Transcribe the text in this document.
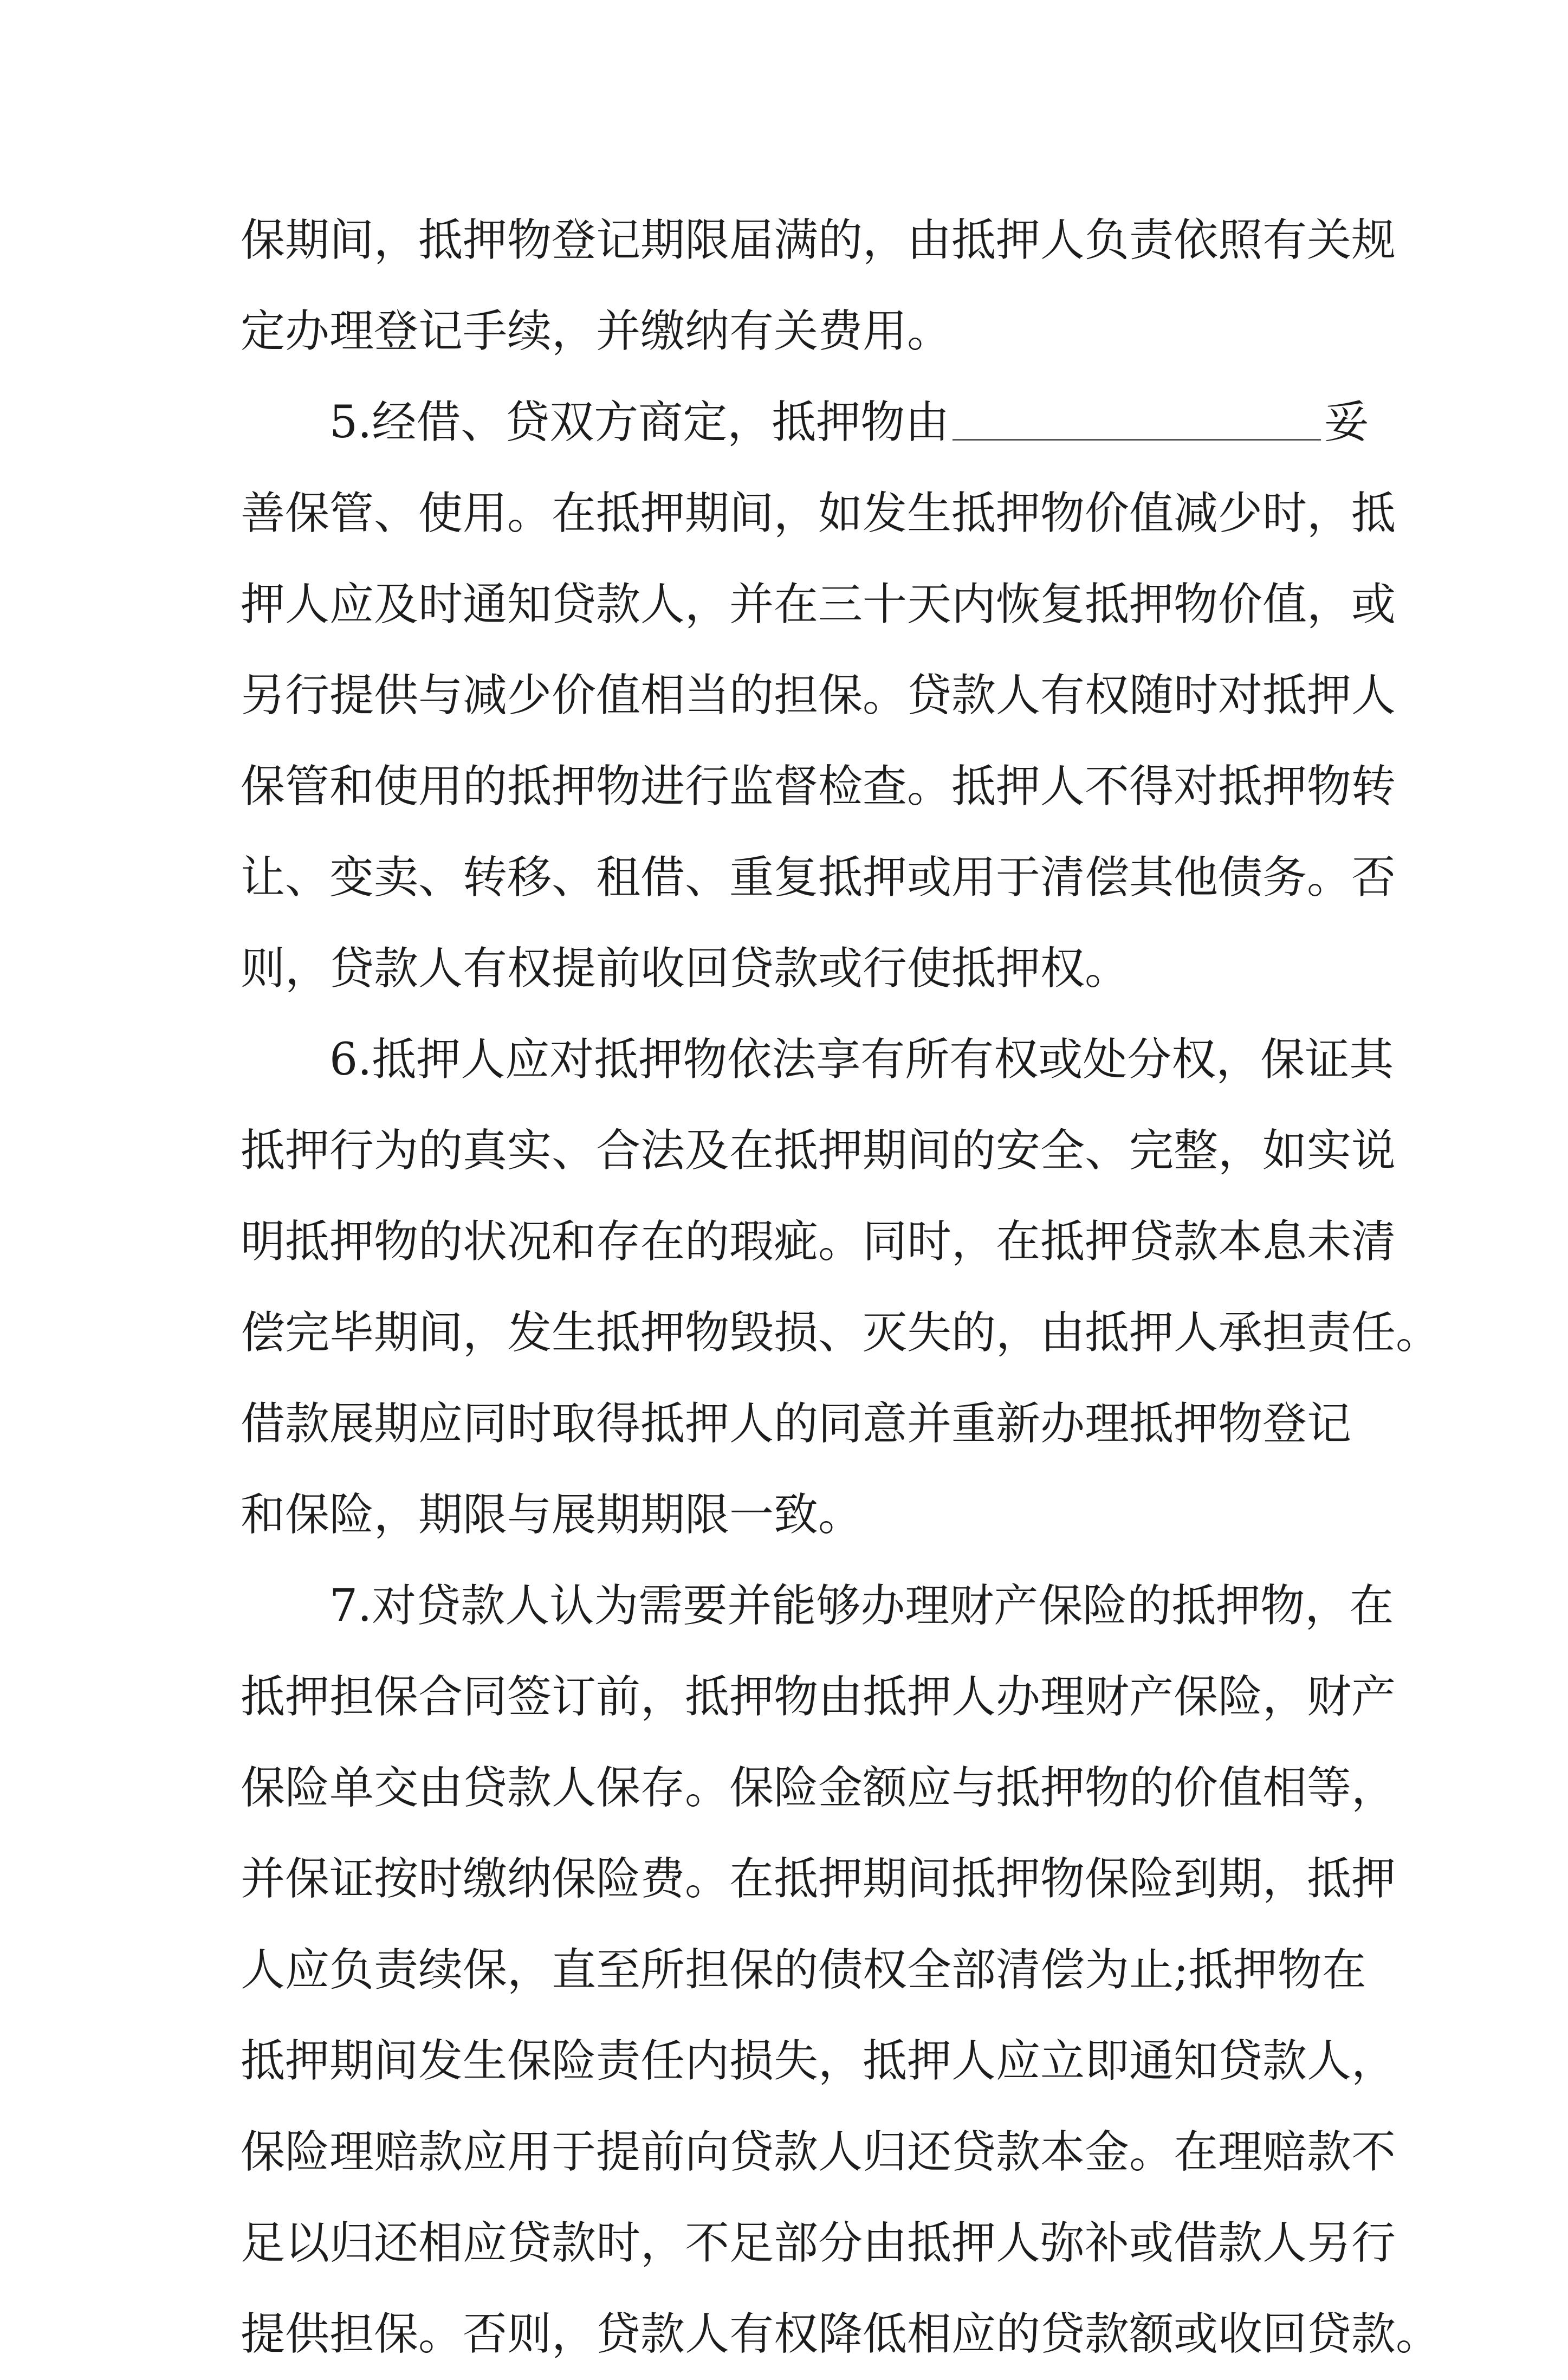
保期间，抵押物登记期限届满的，由抵押人负责依照有关规
定办理登记手续，并缴纳有关费用。
5.经借、贷双方商定，抵押物由	妥
善保管、使用。在抵押期间，如发生抵押物价值减少时，抵
押人应及时通知贷款人，并在三十天内恢复抵押物价值，或
另行提供与减少价值相当的担保。贷款人有权随时对抵押人
保管和使用的抵押物进行监督检查。抵押人不得对抵押物转
让、变卖、转移、租借、重复抵押或用于清偿其他债务。否
则，贷款人有权提前收回贷款或行使抵押权。
6.抵押人应对抵押物依法享有所有权或处分权，保证其
抵押行为的真实、合法及在抵押期间的安全、完整，如实说
明抵押物的状况和存在的瑕疵。同时，在抵押贷款本息未清
偿完毕期间，发生抵押物毁损、灭失的，由抵押人承担责任。
借款展期应同时取得抵押人的同意并重新办理抵押物登记
和保险，期限与展期期限一致。
7.对贷款人认为需要并能够办理财产保险的抵押物，在
抵押担保合同签订前，抵押物由抵押人办理财产保险，财产
保险单交由贷款人保存。保险金额应与抵押物的价值相等，
并保证按时缴纳保险费。在抵押期间抵押物保险到期，抵押
人应负责续保，直至所担保的债权全部清偿为止;抵押物在
抵押期间发生保险责任内损失，抵押人应立即通知贷款人，
保险理赔款应用于提前向贷款人归还贷款本金。在理赔款不
足以归还相应贷款时，不足部分由抵押人弥补或借款人另行
提供担保。否则，贷款人有权降低相应的贷款额或收回贷款。
